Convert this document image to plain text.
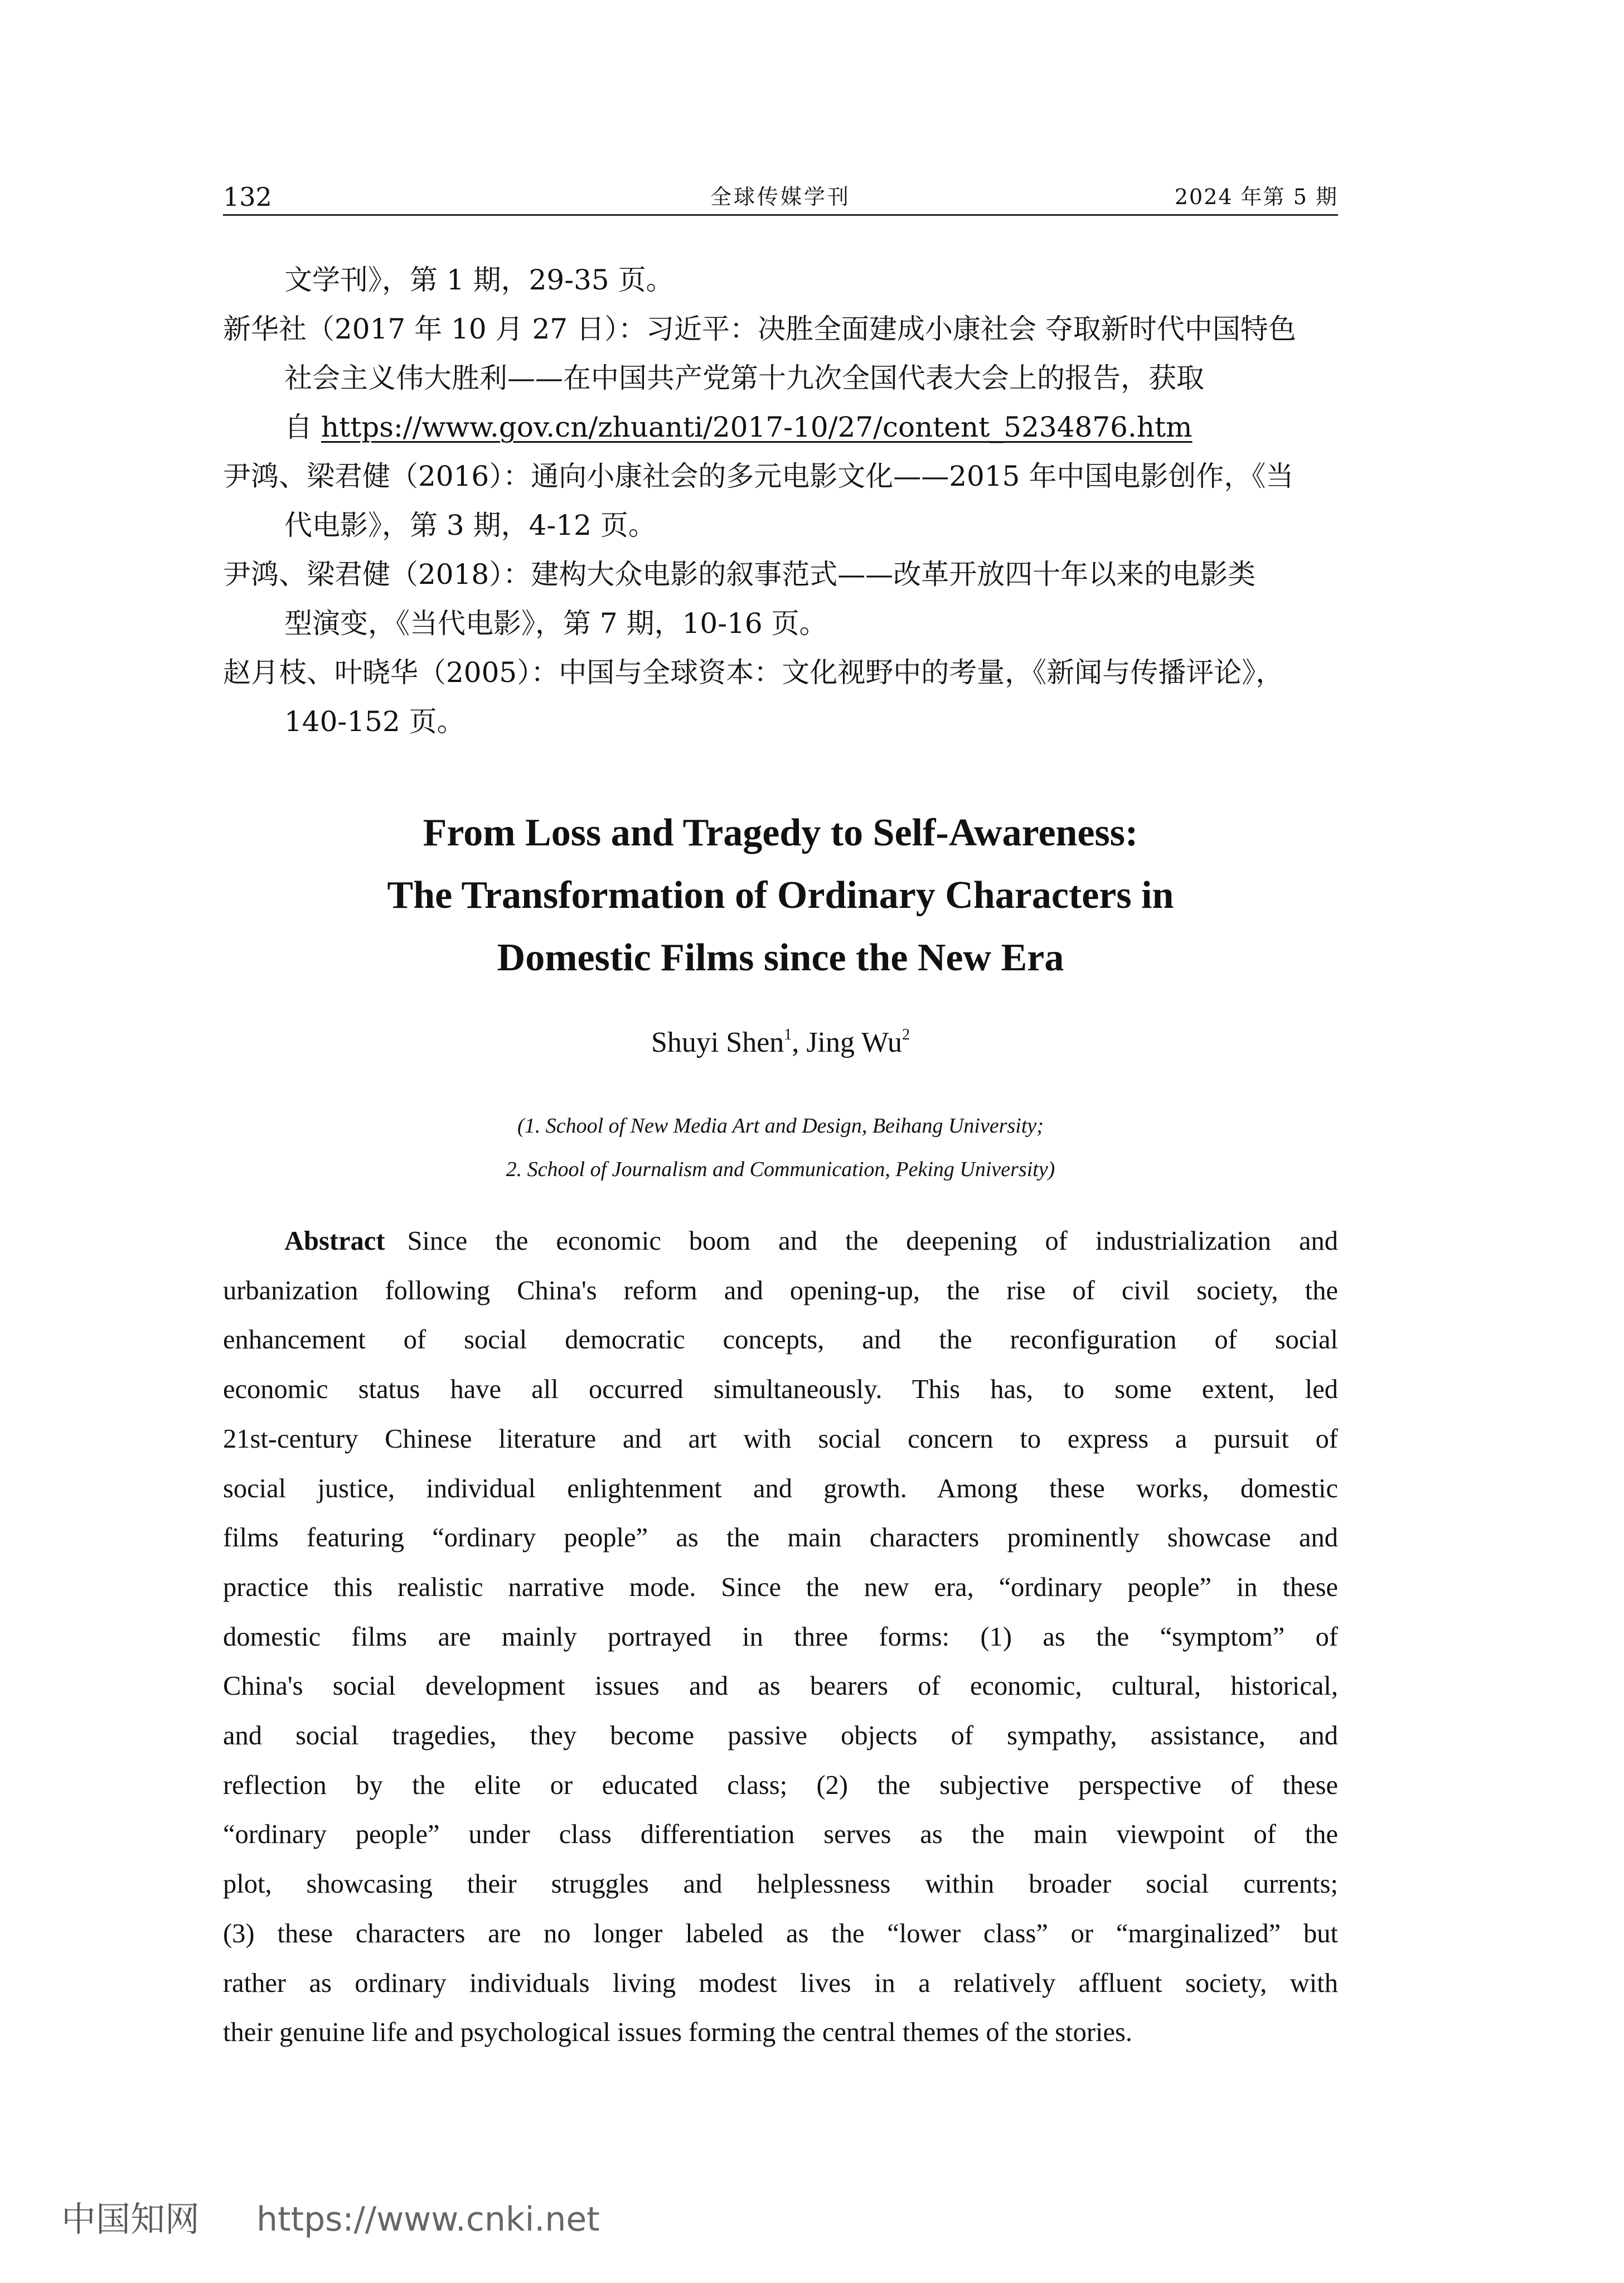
132	全球传媒学刊	2024 年第 5 期
文学刊》，第 1 期，29-35 页。
新华社（2017 年 10 月 27 日）：习近平：决胜全面建成小康社会 夺取新时代中国特色
社会主义伟大胜利——在中国共产党第十九次全国代表大会上的报告，获取
自 https://www.gov.cn/zhuanti/2017-10/27/content_5234876.htm
尹鸿、梁君健（2016）：通向小康社会的多元电影文化——2015 年中国电影创作，《当
代电影》，第 3 期，4-12 页。
尹鸿、梁君健（2018）：建构大众电影的叙事范式——改革开放四十年以来的电影类
型演变，《当代电影》，第 7 期，10-16 页。
赵月枝、叶晓华（2005）：中国与全球资本：文化视野中的考量，《新闻与传播评论》，
140-152 页。
From Loss and Tragedy to Self-Awareness:
The Transformation of Ordinary Characters in
Domestic Films since the New Era
Shuyi Shen$^1$, Jing Wu$^2$
(1. School of New Media Art and Design, Beihang University;
2. School of Journalism and Communication, Peking University)
Abstract Since the economic boom and the deepening of industrialization and
urbanization following China's reform and opening-up, the rise of civil society, the
enhancement of social democratic concepts, and the reconfiguration of social
economic status have all occurred simultaneously. This has, to some extent, led
21st-century Chinese literature and art with social concern to express a pursuit of
social justice, individual enlightenment and growth. Among these works, domestic
films featuring “ordinary people” as the main characters prominently showcase and
practice this realistic narrative mode. Since the new era, “ordinary people” in these
domestic films are mainly portrayed in three forms: (1) as the “symptom” of
China's social development issues and as bearers of economic, cultural, historical,
and social tragedies, they become passive objects of sympathy, assistance, and
reflection by the elite or educated class; (2) the subjective perspective of these
“ordinary people” under class differentiation serves as the main viewpoint of the
plot, showcasing their struggles and helplessness within broader social currents;
(3) these characters are no longer labeled as the “lower class” or “marginalized” but
rather as ordinary individuals living modest lives in a relatively affluent society, with
their genuine life and psychological issues forming the central themes of the stories.
中国知网 https://www.cnki.net
